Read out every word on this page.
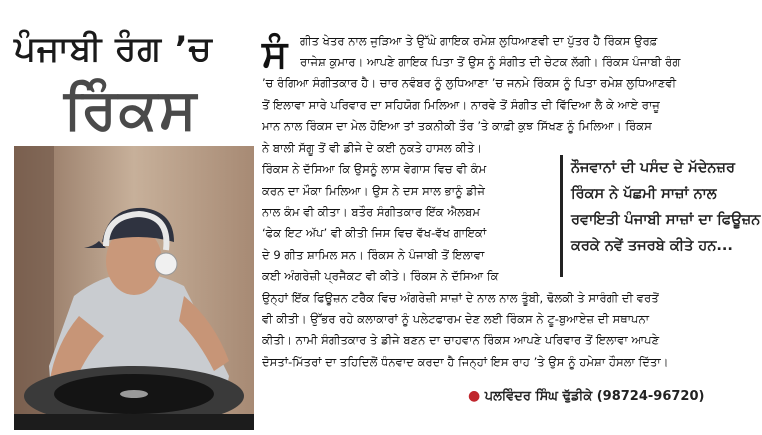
ਪੰਜਾਬੀ ਰੰਗ ’ਚ
ਰਿੰਕਸ
ਸੰ ਗੀਤ ਖੇਤਰ ਨਾਲ ਜੁੜਿਆ ਤੇ ਉੱਘੇ ਗਾਇਕ ਰਮੇਸ਼ ਲੁਧਿਆਣਵੀ ਦਾ ਪੁੱਤਰ ਹੈ ਰਿੰਕਸ ਉਰਫ਼
ਰਾਜੇਸ਼ ਕੁਮਾਰ। ਆਪਣੇ ਗਾਇਕ ਪਿਤਾ ਤੋਂ ਉਸ ਨੂੰ ਸੰਗੀਤ ਦੀ ਚੇਟਕ ਲੱਗੀ। ਰਿੰਕਸ ਪੰਜਾਬੀ ਰੰਗ
’ਚ ਰੰਗਿਆ ਸੰਗੀਤਕਾਰ ਹੈ। ਚਾਰ ਨਵੰਬਰ ਨੂੰ ਲੁਧਿਆਣਾ ’ਚ ਜਨਮੇ ਰਿੰਕਸ ਨੂੰ ਪਿਤਾ ਰਮੇਸ਼ ਲੁਧਿਆਣਵੀ
ਤੋਂ ਇਲਾਵਾ ਸਾਰੇ ਪਰਿਵਾਰ ਦਾ ਸਹਿਯੋਗ ਮਿਲਿਆ। ਨਾਰਵੇ ਤੋਂ ਸੰਗੀਤ ਦੀ ਵਿੱਦਿਆ ਲੈ ਕੇ ਆਏ ਰਾਜੂ
ਮਾਨ ਨਾਲ ਰਿੰਕਸ ਦਾ ਮੇਲ ਹੋਇਆ ਤਾਂ ਤਕਨੀਕੀ ਤੌਰ ’ਤੇ ਕਾਫ਼ੀ ਕੁਝ ਸਿੱਖਣ ਨੂੰ ਮਿਲਿਆ। ਰਿੰਕਸ
ਨੇ ਬਾਲੀ ਸੱਗੂ ਤੋਂ ਵੀ ਡੀਜੇ ਦੇ ਕਈ ਨੁਕਤੇ ਹਾਸਲ ਕੀਤੇ।
ਰਿੰਕਸ ਨੇ ਦੱਸਿਆ ਕਿ ਉਸਨੂੰ ਲਾਸ ਵੇਗਾਸ ਵਿਚ ਵੀ ਕੰਮ
ਕਰਨ ਦਾ ਮੌਕਾ ਮਿਲਿਆ। ਉਸ ਨੇ ਦਸ ਸਾਲ ਭਾਨੂੰ ਡੀਜੇ
ਨਾਲ ਕੰਮ ਵੀ ਕੀਤਾ। ਬਤੌਰ ਸੰਗੀਤਕਾਰ ਇੱਕ ਐਲਬਮ
‘ਫੇਕ ਇਟ ਅੱਪ’ ਵੀ ਕੀਤੀ ਜਿਸ ਵਿਚ ਵੱਖ-ਵੱਖ ਗਾਇਕਾਂ
ਦੇ 9 ਗੀਤ ਸ਼ਾਮਿਲ ਸਨ। ਰਿੰਕਸ ਨੇ ਪੰਜਾਬੀ ਤੋਂ ਇਲਾਵਾ
ਕਈ ਅੰਗਰੇਜ਼ੀ ਪ੍ਰਜੈਕਟ ਵੀ ਕੀਤੇ। ਰਿੰਕਸ ਨੇ ਦੱਸਿਆ ਕਿ
ਉਨ੍ਹਾਂ ਇੱਕ ਫਿਊਜ਼ਨ ਟਰੈਕ ਵਿਚ ਅੰਗਰੇਜ਼ੀ ਸਾਜ਼ਾਂ ਦੇ ਨਾਲ ਨਾਲ ਤੂੰਬੀ, ਢੋਲਕੀ ਤੇ ਸਾਰੰਗੀ ਦੀ ਵਰਤੋਂ
ਵੀ ਕੀਤੀ। ਉੱਭਰ ਰਹੇ ਕਲਾਕਾਰਾਂ ਨੂੰ ਪਲੇਟਫਾਰਮ ਦੇਣ ਲਈ ਰਿੰਕਸ ਨੇ ਟੂ-ਬੁਆਏਜ਼ ਦੀ ਸਥਾਪਨਾ
ਕੀਤੀ। ਨਾਮੀ ਸੰਗੀਤਕਾਰ ਤੇ ਡੀਜੇ ਬਣਨ ਦਾ ਚਾਹਵਾਨ ਰਿੰਕਸ ਆਪਣੇ ਪਰਿਵਾਰ ਤੋਂ ਇਲਾਵਾ ਆਪਣੇ
ਦੋਸਤਾਂ-ਮਿੱਤਰਾਂ ਦਾ ਤਹਿਦਿਲੋਂ ਧੰਨਵਾਦ ਕਰਦਾ ਹੈ ਜਿਨ੍ਹਾਂ ਇਸ ਰਾਹ ’ਤੇ ਉਸ ਨੂੰ ਹਮੇਸ਼ਾ ਹੌਸਲਾ ਦਿੱਤਾ।
ਨੌਜਵਾਨਾਂ ਦੀ ਪਸੰਦ ਦੇ ਮੱਦੇਨਜ਼ਰ
ਰਿੰਕਸ ਨੇ ਪੱਛਮੀ ਸਾਜ਼ਾਂ ਨਾਲ
ਰਵਾਇਤੀ ਪੰਜਾਬੀ ਸਾਜ਼ਾਂ ਦਾ ਫਿਊਜ਼ਨ
ਕਰਕੇ ਨਵੇਂ ਤਜਰਬੇ ਕੀਤੇ ਹਨ...
● ਪਲਵਿੰਦਰ ਸਿੰਘ ਢੁੱਡੀਕੇ (98724-96720)
